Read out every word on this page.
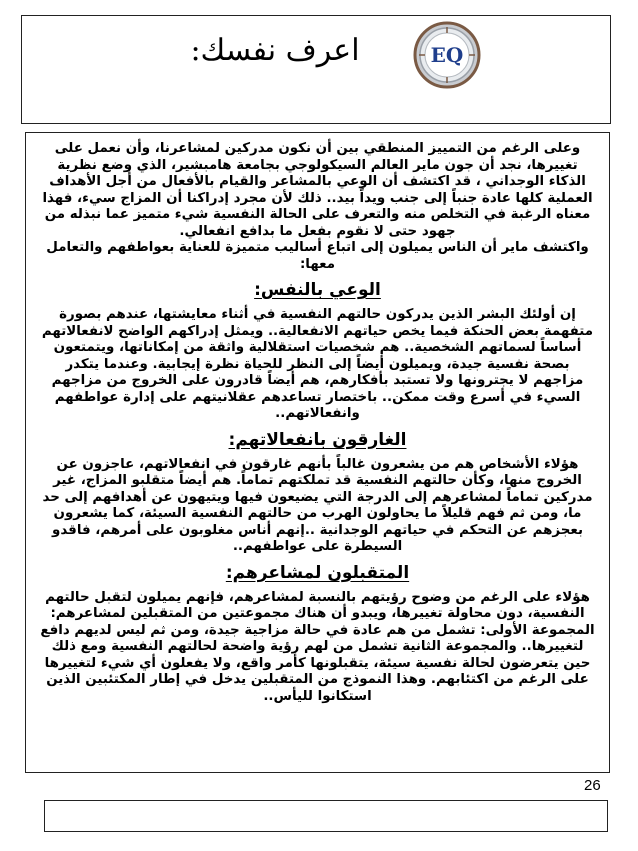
EQ
اعرف نفسك:

وعلى الرغم من التمييز المنطقي بين أن نكون مدركين لمشاعرنا، وأن نعمل على تغييرها، نجد أن جون ماير العالم السيكولوجي بجامعة هامبشير، الذي وضع نظرية الذكاء الوجداني ، قد اكتشف أن الوعي بالمشاعر والقيام بالأفعال من أجل الأهداف العملية كلها عادة جنباً إلى جنب ويداً بيد.. ذلك لأن مجرد إدراكنا أن المزاج سيء، فهذا معناه الرغبة في التخلص منه والتعرف على الحالة النفسية شيء متميز عما نبذله من جهود حتى لا نقوم بفعل ما بدافع انفعالي.

واكتشف ماير أن الناس يميلون إلى اتباع أساليب متميزة للعناية بعواطفهم والتعامل معها:

الوعي بالنفس:

إن أولئك البشر الذين يدركون حالتهم النفسية في أثناء معايشتها، عندهم بصورة متفهمة بعض الحنكة فيما يخص حياتهم الانفعالية.. ويمثل إدراكهم الواضح لانفعالاتهم أساساً لسماتهم الشخصية.. هم شخصيات استقلالية واثقة من إمكاناتها، ويتمتعون بصحة نفسية جيدة، ويميلون أيضاً إلى النظر للحياة نظرة إيجابية. وعندما يتكدر مزاجهم لا يجترونها ولا تستبد بأفكارهم، هم أيضاً قادرون على الخروج من مزاجهم السيء في أسرع وقت ممكن.. باختصار تساعدهم عقلانيتهم على إدارة عواطفهم وانفعالاتهم..

الغارقون بانفعالاتهم:

هؤلاء الأشخاص هم من يشعرون غالباً بأنهم غارقون في انفعالاتهم، عاجزون عن الخروج منها، وكأن حالتهم النفسية قد تملكتهم تماماً. هم أيضاً متقلبو المزاج، غير مدركين تماماً لمشاعرهم إلى الدرجة التي يضيعون فيها ويتيهون عن أهدافهم إلى حد ما، ومن ثم فهم قليلاً ما يحاولون الهرب من حالتهم النفسية السيئة، كما يشعرون بعجزهم عن التحكم في حياتهم الوجدانية ..إنهم أناس مغلوبون على أمرهم، فاقدو السيطرة على عواطفهم..

المتقبلون لمشاعرهم:

هؤلاء على الرغم من وضوح رؤيتهم بالنسبة لمشاعرهم، فإنهم يميلون لتقبل حالتهم النفسية، دون محاولة تغييرها، ويبدو أن هناك مجموعتين من المتقبلين لمشاعرهم:

المجموعة الأولى: تشمل من هم عادة في حالة مزاجية جيدة، ومن ثم ليس لديهم دافع لتغييرها.. والمجموعة الثانية تشمل من لهم رؤية واضحة لحالتهم النفسية ومع ذلك حين يتعرضون لحالة نفسية سيئة، يتقبلونها كأمر واقع، ولا يفعلون أي شيء لتغييرها على الرغم من اكتئابهم. وهذا النموذج من المتقبلين يدخل في إطار المكتئبين الذين استكانوا لليأس..

26
